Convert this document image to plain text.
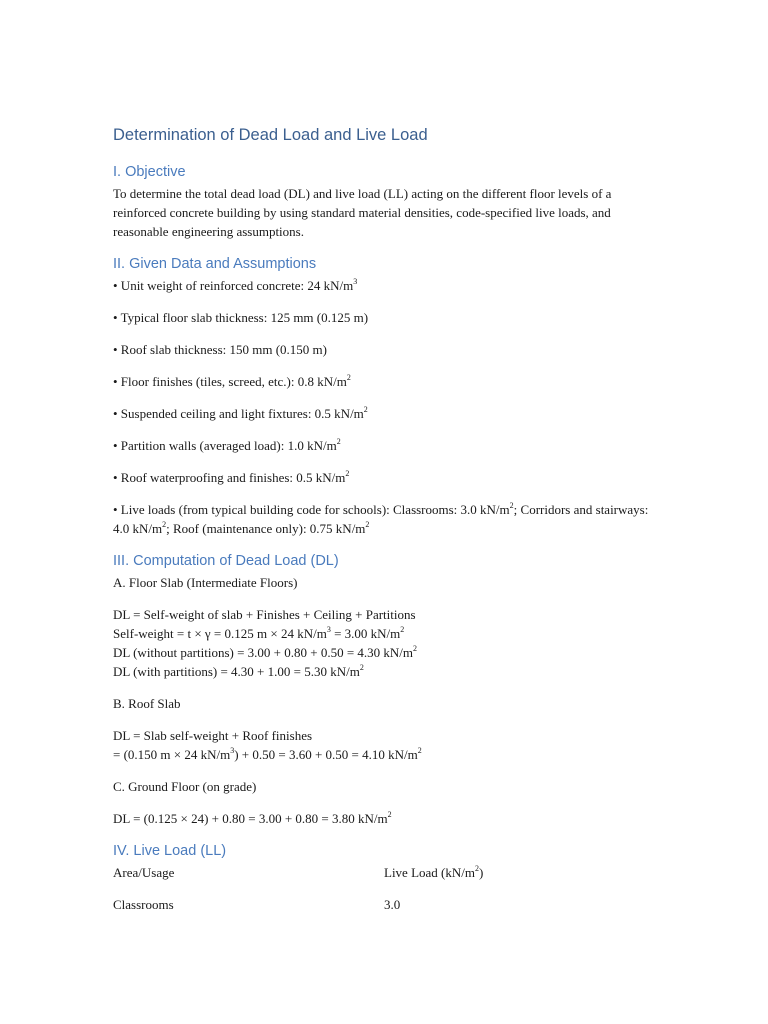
Determination of Dead Load and Live Load
I. Objective

To determine the total dead load (DL) and live load (LL) acting on the different floor levels of a reinforced concrete building by using standard material densities, code-specified live loads, and reasonable engineering assumptions.

II. Given Data and Assumptions

• Unit weight of reinforced concrete: 24 $kN/m^3$

• Typical floor slab thickness: 125 mm (0.125 m)

• Roof slab thickness: 150 mm (0.150 m)

• Floor finishes (tiles, screed, etc.): 0.8 $kN/m^2$

• Suspended ceiling and light fixtures: 0.5 $kN/m^2$

• Partition walls (averaged load): 1.0 $kN/m^2$

• Roof waterproofing and finishes: 0.5 $kN/m^2$

• Live loads (from typical building code for schools): Classrooms: 3.0 $kN/m^2$; Corridors and stairways: 4.0 $kN/m^2$; Roof (maintenance only): 0.75 $kN/m^2$

III. Computation of Dead Load (DL)

A. Floor Slab (Intermediate Floors)

DL = Self-weight of slab + Finishes + Ceiling + Partitions

Self-weight = t × γ = 0.125 m × 24 $kN/m^3 = 3.00$ $kN/m^2$

DL (without partitions) = 3.00 + 0.80 + 0.50 = 4.30 $kN/m^2$

DL (with partitions) = 4.30 + 1.00 = 5.30 $kN/m^2$

B. Roof Slab

DL = Slab self-weight + Roof finishes

= (0.150 m × 24 $kN/m^3) + 0.50 = 3.60 + 0.50 = 4.10$ $kN/m^2$

C. Ground Floor (on grade)

DL = (0.125 × 24) + 0.80 = 3.00 + 0.80 = 3.80 $kN/m^2$

IV. Live Load (LL)
Area/Usage	Live Load $(kN/m^2)$
Classrooms	3.0
